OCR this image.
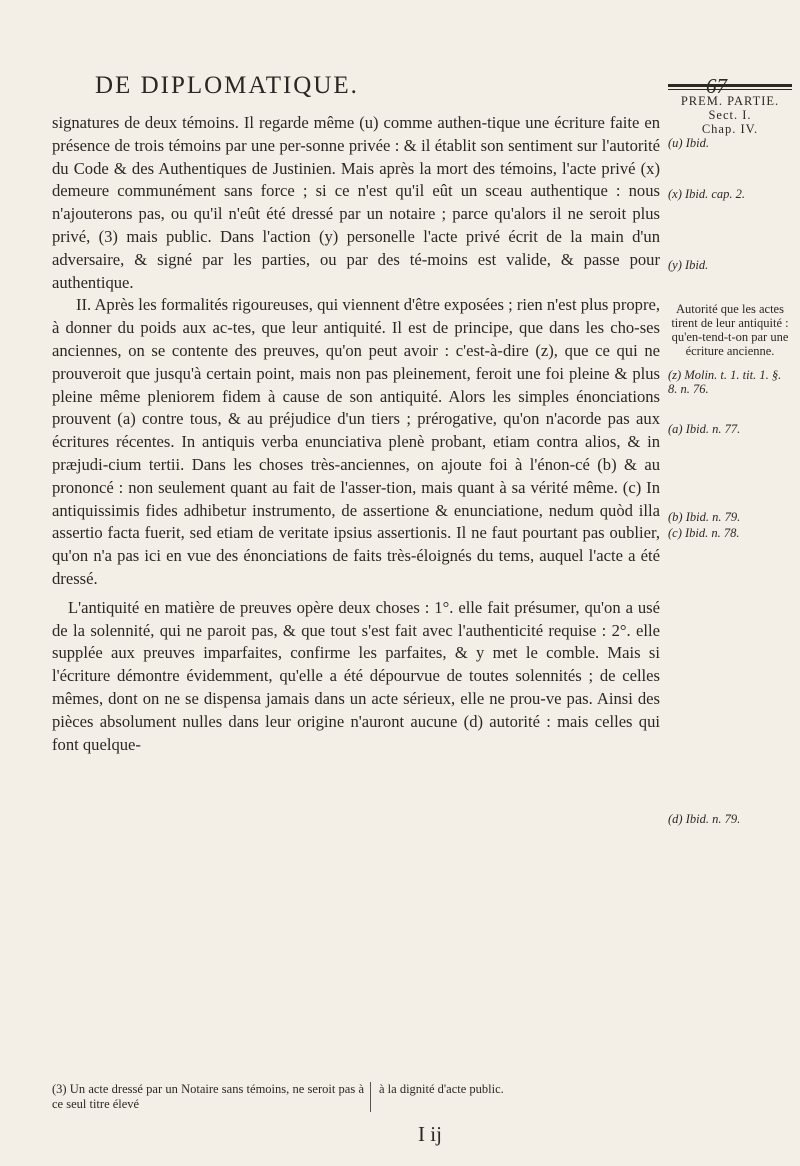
DE DIPLOMATIQUE.

signatures de deux témoins. Il regarde même (u) comme authen-tique une écriture faite en présence de trois témoins par une per-sonne privée : & il établit son sentiment sur l'autorité du Code & des Authentiques de Justinien. Mais après la mort des témoins, l'acte privé (x) demeure communément sans force ; si ce n'est qu'il eût un sceau authentique : nous n'ajouterons pas, ou qu'il n'eût été dressé par un notaire ; parce qu'alors il ne seroit plus privé, (3) mais public. Dans l'action (y) personelle l'acte privé écrit de la main d'un adversaire, & signé par les parties, ou par des té-moins est valide, & passe pour authentique.

II. Après les formalités rigoureuses, qui viennent d'être exposées ; rien n'est plus propre, à donner du poids aux ac-tes, que leur antiquité. Il est de principe, que dans les cho-ses anciennes, on se contente des preuves, qu'on peut avoir : c'est-à-dire (z), que ce qui ne prouveroit que jusqu'à certain point, mais non pas pleinement, feroit une foi pleine & plus pleine même pleniorem fidem à cause de son antiquité. Alors les simples énonciations prouvent (a) contre tous, & au préjudice d'un tiers ; prérogative, qu'on n'acorde pas aux écritures récentes. In antiquis verba enunciativa plenè probant, etiam contra alios, & in præjudi-cium tertii. Dans les choses très-anciennes, on ajoute foi à l'énon-cé (b) & au prononcé : non seulement quant au fait de l'asser-tion, mais quant à sa vérité même. (c) In antiquissimis fides adhibetur instrumento, de assertione & enunciatione, nedum quòd illa assertio facta fuerit, sed etiam de veritate ipsius assertionis. Il ne faut pourtant pas oublier, qu'on n'a pas ici en vue des énonciations de faits très-éloignés du tems, auquel l'acte a été dressé.

L'antiquité en matière de preuves opère deux choses : 1°. elle fait présumer, qu'on a usé de la solennité, qui ne paroit pas, & que tout s'est fait avec l'authenticité requise : 2°. elle supplée aux preuves imparfaites, confirme les parfaites, & y met le comble. Mais si l'écriture démontre évidemment, qu'elle a été dépourvue de toutes solennités ; de celles mêmes, dont on ne se dispensa jamais dans un acte sérieux, elle ne prou-ve pas. Ainsi des pièces absolument nulles dans leur origine n'auront aucune (d) autorité : mais celles qui font quelque-

PREM. PARTIE.
Sect. I.
Chap. IV.
(u) Ibid.
(x) Ibid. cap. 2.
(y) Ibid.
Autorité que les actes tirent de leur antiquité : qu'en-tend-t-on par une écriture ancienne.
(z) Molin. t. 1. tit. 1. §. 8. n. 76.
(a) Ibid. n. 77.
(b) Ibid. n. 79.
(c) Ibid. n. 78.
(d) Ibid. n. 79.
(3) Un acte dressé par un Notaire sans témoins, ne seroit pas à ce seul titre élevé
à la dignité d'acte public.
I ij
